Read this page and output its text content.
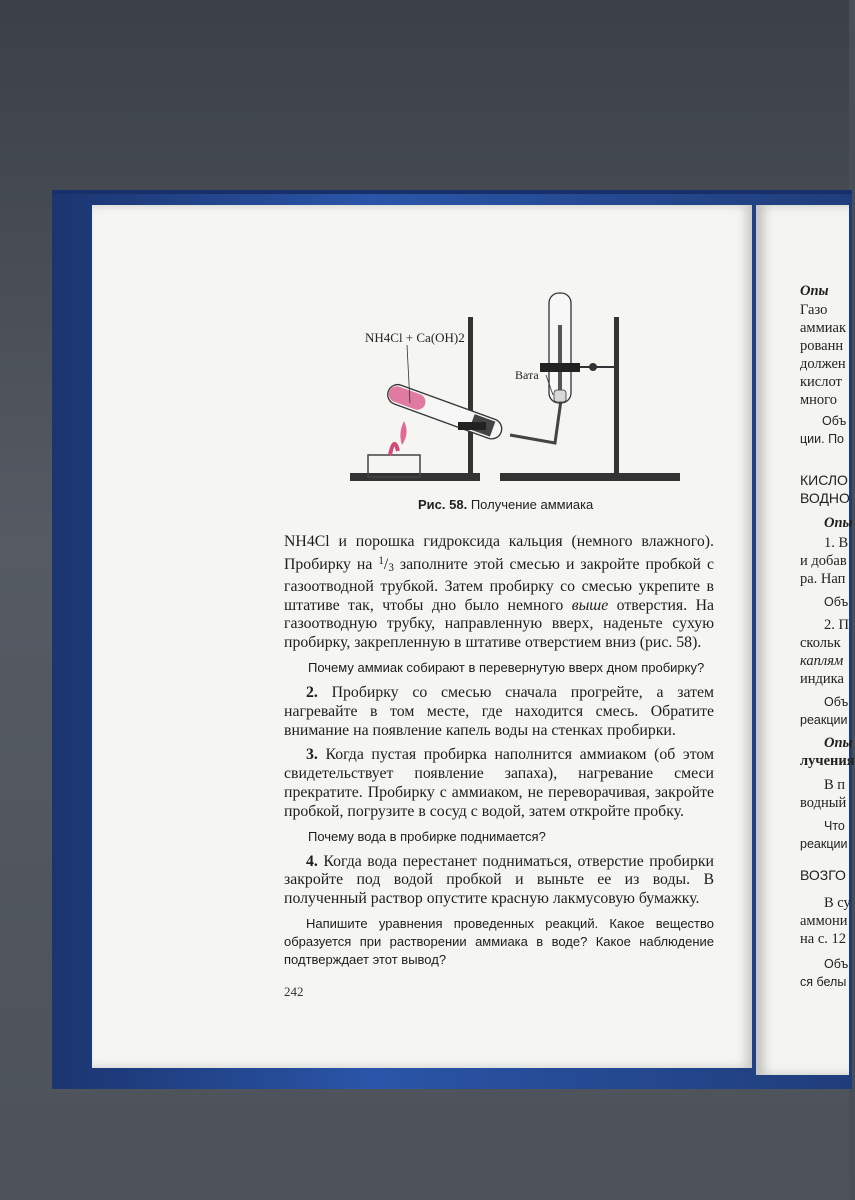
NH4Cl + Ca(OH)2
Вата
Рис. 58. Получение аммиака

NH4Cl и порошка гидроксида кальция (немного влажного). Пробирку на $^1$/3 заполните этой смесью и закройте пробкой с газоотводной трубкой. Затем пробирку со смесью укрепите в штативе так, чтобы дно было немного выше отверстия. На газоотводную трубку, направленную вверх, наденьте сухую пробирку, закрепленную в штативе отверстием вниз (рис. 58).

Почему аммиак собирают в перевернутую вверх дном пробирку?

2. Пробирку со смесью сначала прогрейте, а затем нагревайте в том месте, где находится смесь. Обратите внимание на появление капель воды на стенках пробирки.

3. Когда пустая пробирка наполнится аммиаком (об этом свидетельствует появление запаха), нагревание смеси прекратите. Пробирку с аммиаком, не переворачивая, закройте пробкой, погрузите в сосуд с водой, затем откройте пробку.

Почему вода в пробирке поднимается?

4. Когда вода перестанет подниматься, отверстие пробирки закройте под водой пробкой и выньте ее из воды. В полученный раствор опустите красную лакмусовую бумажку.

Напишите уравнения проведенных реакций. Какое вещество образуется при растворении аммиака в воде? Какое наблюдение подтверждает этот вывод?

242
Опы
Газо
аммиак
рованн
должен
кислот
много
Объ
ции. По
КИСЛО
ВОДНО
Опы
1. В
и добав
ра. Нап
Объ
2. П
скольк
каплям
индика
Объ
реакции
Опы
лучения
В п
водный
Что
реакции
ВОЗГО
В су
аммони
на с. 12
Объ
ся белы
